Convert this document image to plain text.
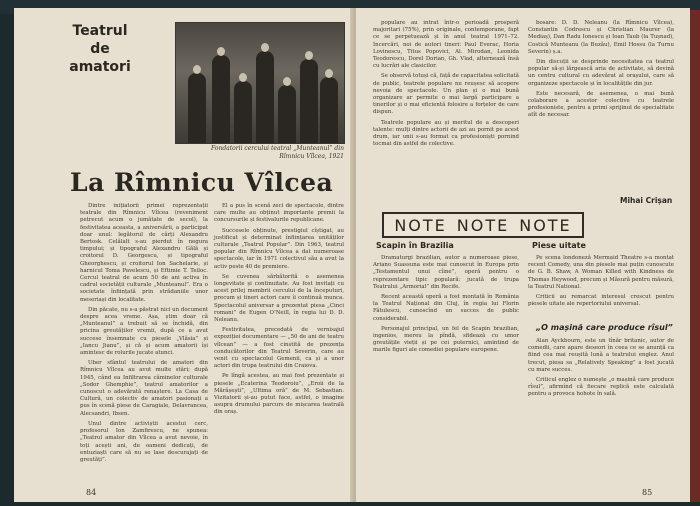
Teatrul
de
amatori
Fondatorii cercului teatral „Munteanul” din Rîmnicu Vîlcea, 1921
La Rîmnicu Vîlcea

Dintre inițiatorii primei reprezentații teatrale din Rîmnicu Vîlcea (reveniment petrecut acum o jumătate de secol), la festivitatea aceasta, a aniversării, a participat doar unul: legătorul de cărți Alexandru Bertosk. Celălalt s-au pierdut în negura timpului; și tipograful Alexandru Gălă și croitorul D. Georgescu, și tipograful Gheorghescu, și croitorul Ion Sachelarie, și harnicul Toma Pavelescu, și Eftimie T. Teiloc. Cercul teatral de acum 50 de ani activa în cadrul societății culturale „Munteanul”. Era o societate înființată prin strădaniile unor meseriași din localitate.

Din păcate, nu s-a păstrat nici un document despre acea vreme. Așa, știm doar că „Munteanul” a trebuit să se închidă, din pricina greutăților vremii, după ce a avut succese însemnate cu piesele „Vlăsia” și „Iancu Jianu”, și că și acum amatorii își amintesc de rolurile jucate atunci.

Uber sfântul teatrului de amatori din Rîmnicu Vîlcea au avut multe stări; după 1945, când ea Infiltrarea căminelor culturale „Sodor Ghemphie”, teatrul amatorilor a cunoscut o adevărată renaștere. La Casa de Cultură, un colectiv de amatori pasionați a pus în scenă piese de Caragiale, Delavrancea, Alecsandri, Ibsen.

Unul dintre activiștii acestui cerc, profesorul Ion Zamfirescu, ne spunea: „Teatrul amator din Vîlcea a avut nevoie, în toți acești ani, de oameni dedicați, de entuziaști care să nu se lase descurajați de greutăți”.

El a pus în scenă zeci de spectacole, dintre care multe au obținut importante premii la concursurile și festivalurile republicane.

Succesele obținute, prestigiul cîștigat, au justificat și determinat înființarea unităților culturale „Teatrul Popular”. Din 1963, teatrul popular din Rîmnicu Vîlcea a dat numeroase spectacole, iar în 1971 colectivul său a avut la activ peste 40 de premiere.

Se cuvenea sărbătorită o asemenea longevitate și continuitate. Au fost invitați cu acest prilej membrii cercului de la începuturi, precum și tineri actori care îi continuă munca. Spectacolul aniversar a prezentat piesa „Cinci romani” de Eugen O’Neill, în regia lui D. D. Neleanu.

Festivitatea, precedată de vernisajul expoziției documentare — „50 de ani de teatru vîlcean” — a fost cinstită de prezența conducătorilor din Teatrul Severin, care au venit cu spectacolul Gemenii, ca și a unor actori din trupa teatrului din Craiova.

Pe lîngă acestea, au mai fost prezentate și piesele „Ecaterina Teodoroiu”, „Eroii de la Mărășești”, „Ultima oră” de M. Sebastian. Vizitatorii și-au putut face, astfel, o imagine asupra drumului parcurs de mișcarea teatrală din oraș.

84

populare au intrat într-o perioadă prosperă majoritari (75%), prin originale, contemporane, fapt ce se perpetuează și în anul teatral 1971–72. Incercări, noi de autori tineri: Paul Everac, Horia Lovinescu, Titus Popovici, Al. Mirodan, Leonida Teodorescu, Dorel Dorian, Gh. Vlad, alternează însă cu lucrări ale clasicilor.

Se observă totuși că, față de capacitatea solicitată de public, teatrele populare nu reușesc să acopere nevoia de spectacole. Un plan și o mai bună organizare ar permite o mai largă participare a tinerilor și o mai eficientă folosire a forțelor de care dispun.

Teatrele populare au și meritul de a descoperi talente: mulți dintre actorii de azi au pornit pe acest drum, iar unii s-au format ca profesioniști pornind tocmai din astfel de colective.

bosare: D. D. Neleanu (la Rîmnicu Vîlcea), Constantin Codrescu și Christian Maurer (la Mediaș), Dan Radu Ionescu și Ioan Taub (la Tușnad), Costică Munteanu (la Buzău), Emil Hossu (la Turnu Severin) ș.a.

Din discuții se desprinde necesitatea ca teatrul popular să-și lărgească aria de activitate, să devină un centru cultural cu adevărat al orașului, care să organizeze spectacole și în localitățile din jur.

Este necesară, de asemenea, o mai bună colaborare a acestor colective cu teatrele profesioniste, pentru a primi sprijinul de specialitate atît de necesar.

Mihai Crișan
NOTE NOTE NOTE
Scapin în Brazilia

Dramaturgi brazilian, autor a numeroase piese, Ariano Suassuna este mai cunoscut în Europa prin „Testamentul unui cîine”, operă pentru o reprezentare tipic populară: jucată de trupa Teatrului „Armorial” din Recife.

Recent această operă a fost montată în România la Teatrul Național din Cluj, în regia lui Florin Fătulescu, cunoscînd un succes de public considerabil.

Personajul principal, un fel de Scapin brazilian, ingenios, mereu la pîndă, sfidează cu umor greutățile vieții și pe cei puternici, amintind de marile figuri ale comediei populare europene.

Piese uitate

Pe scena londoneză Mermaid Theatre s-a montat recent Comedy, una din piesele mai puțin cunoscute de G. B. Shaw, A Woman Killed with Kindness de Thomas Heywood, precum și Măsură pentru măsură, la Teatrul National.

Criticii au remarcat interesul crescut pentru piesele uitate ale repertoriului universal.

„O mașină care produce rîsul”

Alan Ayckbourn, este un tînăr britanic, autor de comedii, care apare deseori în ceea ce se anunță ca fiind cea mai reușită lună a teatrului englez. Anul trecut, piesa sa „Relatively Speaking” a fost jucată cu mare succes.

Criticul englez o numește „o mașină care produce rîsul”, afirmînd că fiecare replică este calculată pentru a provoca hohote în sală.

85
